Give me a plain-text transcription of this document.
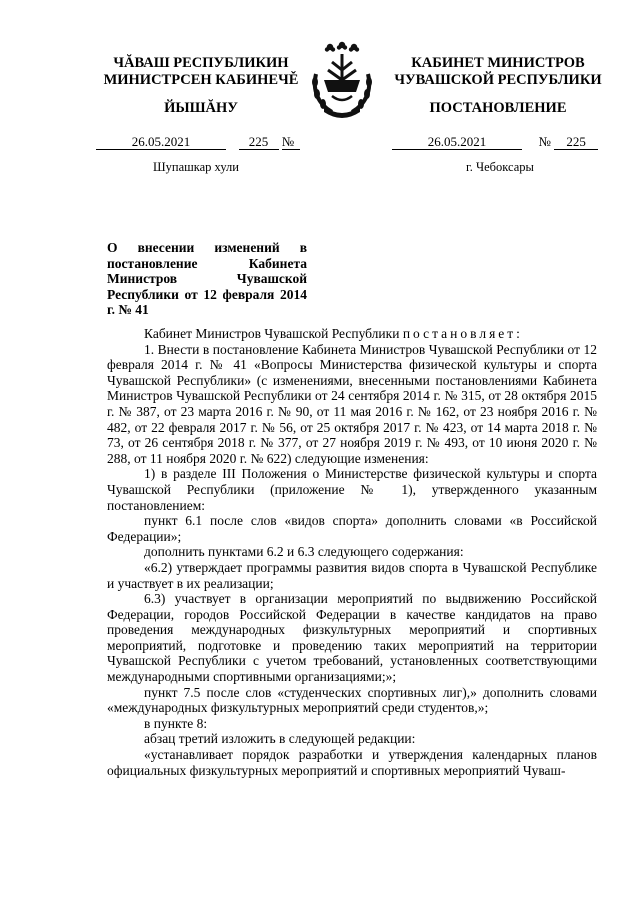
ЧĂВАШ РЕСПУБЛИКИН
МИНИСТРСЕН КАБИНЕЧĚ
ЙЫШĂНУ
КАБИНЕТ МИНИСТРОВ
ЧУВАШСКОЙ РЕСПУБЛИКИ
ПОСТАНОВЛЕНИЕ
26.05.2021	225 №	26.05.2021	№ 225
Шупашкар хули	г. Чебоксары
О внесении изменений в постановление Кабинета Министров Чувашской Республики от 12 февраля 2014 г. № 41

Кабинет Министров Чувашской Республики постановляет:

1. Внести в постановление Кабинета Министров Чувашской Республики от 12 февраля 2014 г. № 41 «Вопросы Министерства физической культуры и спорта Чувашской Республики» (с изменениями, внесенными постановлениями Кабинета Министров Чувашской Республики от 24 сентября 2014 г. № 315, от 28 октября 2015 г. № 387, от 23 марта 2016 г. № 90, от 11 мая 2016 г. № 162, от 23 ноября 2016 г. № 482, от 22 февраля 2017 г. № 56, от 25 октября 2017 г. № 423, от 14 марта 2018 г. № 73, от 26 сентября 2018 г. № 377, от 27 ноября 2019 г. № 493, от 10 июня 2020 г. № 288, от 11 ноября 2020 г. № 622) следующие изменения:

1) в разделе III Положения о Министерстве физической культуры и спорта Чувашской Республики (приложение № 1), утвержденного указанным постановлением:

пункт 6.1 после слов «видов спорта» дополнить словами «в Российской Федерации»;

дополнить пунктами 6.2 и 6.3 следующего содержания:

«6.2) утверждает программы развития видов спорта в Чувашской Республике и участвует в их реализации;

6.3) участвует в организации мероприятий по выдвижению Российской Федерации, городов Российской Федерации в качестве кандидатов на право проведения международных физкультурных мероприятий и спортивных мероприятий, подготовке и проведению таких мероприятий на территории Чувашской Республики с учетом требований, установленных соответствующими международными спортивными организациями;»;

пункт 7.5 после слов «студенческих спортивных лиг),» дополнить словами «международных физкультурных мероприятий среди студентов,»;

в пункте 8:

абзац третий изложить в следующей редакции:

«устанавливает порядок разработки и утверждения календарных планов официальных физкультурных мероприятий и спортивных мероприятий Чуваш-
